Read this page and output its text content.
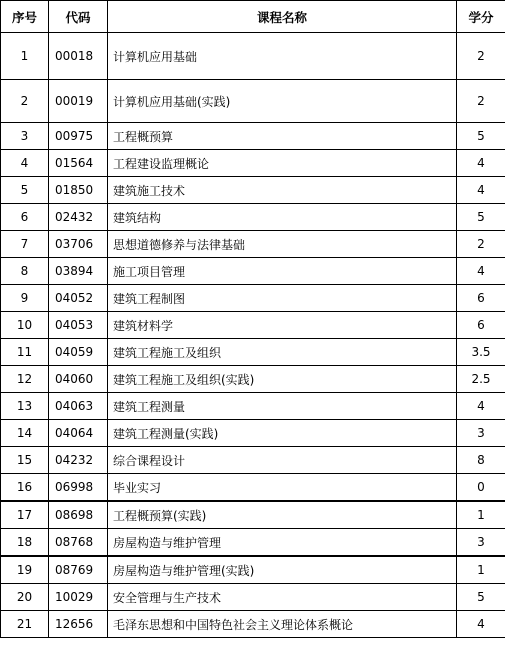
序号	代码	课程名称	学分
1	00018	计算机应用基础	2
2	00019	计算机应用基础(实践)	2
3	00975	工程概预算	5
4	01564	工程建设监理概论	4
5	01850	建筑施工技术	4
6	02432	建筑结构	5
7	03706	思想道德修养与法律基础	2
8	03894	施工项目管理	4
9	04052	建筑工程制图	6
10	04053	建筑材料学	6
11	04059	建筑工程施工及组织	3.5
12	04060	建筑工程施工及组织(实践)	2.5
13	04063	建筑工程测量	4
14	04064	建筑工程测量(实践)	3
15	04232	综合课程设计	8
16	06998	毕业实习	0
17	08698	工程概预算(实践)	1
18	08768	房屋构造与维护管理	3
19	08769	房屋构造与维护管理(实践)	1
20	10029	安全管理与生产技术	5
21	12656	毛泽东思想和中国特色社会主义理论体系概论	4
